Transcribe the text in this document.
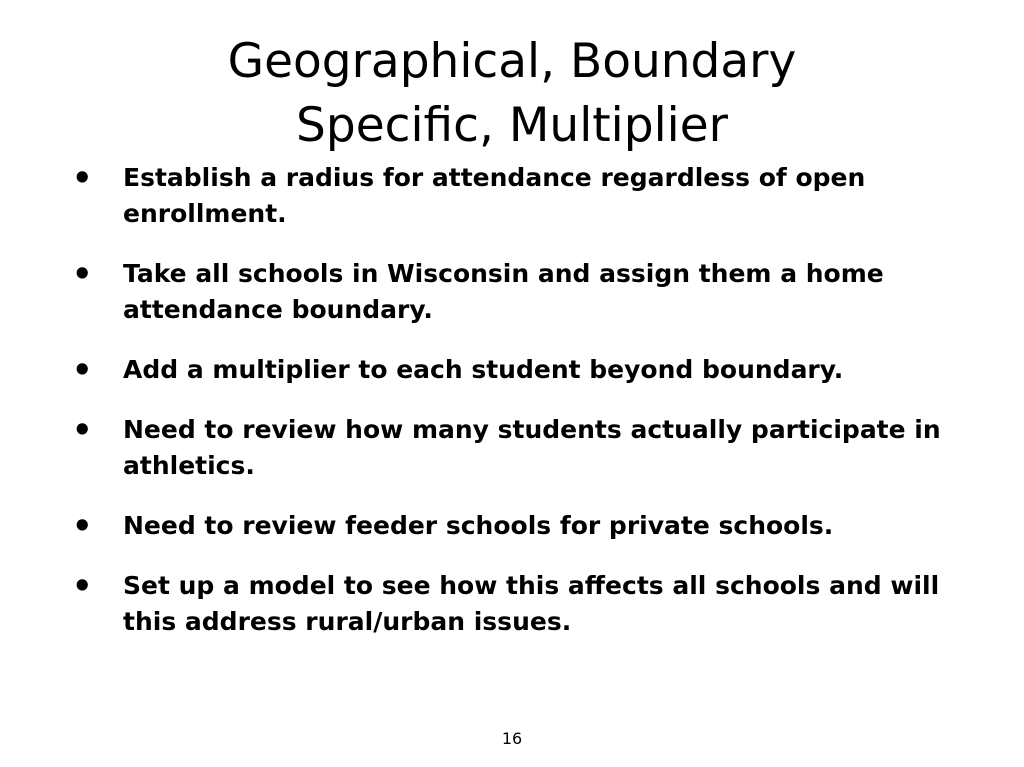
Geographical, Boundary
Specific, Multiplier
• Establish a radius for attendance regardless of open enrollment.
• Take all schools in Wisconsin and assign them a home attendance boundary.
• Add a multiplier to each student beyond boundary.
• Need to review how many students actually participate in athletics.
• Need to review feeder schools for private schools.
• Set up a model to see how this affects all schools and will this address rural/urban issues.
16
